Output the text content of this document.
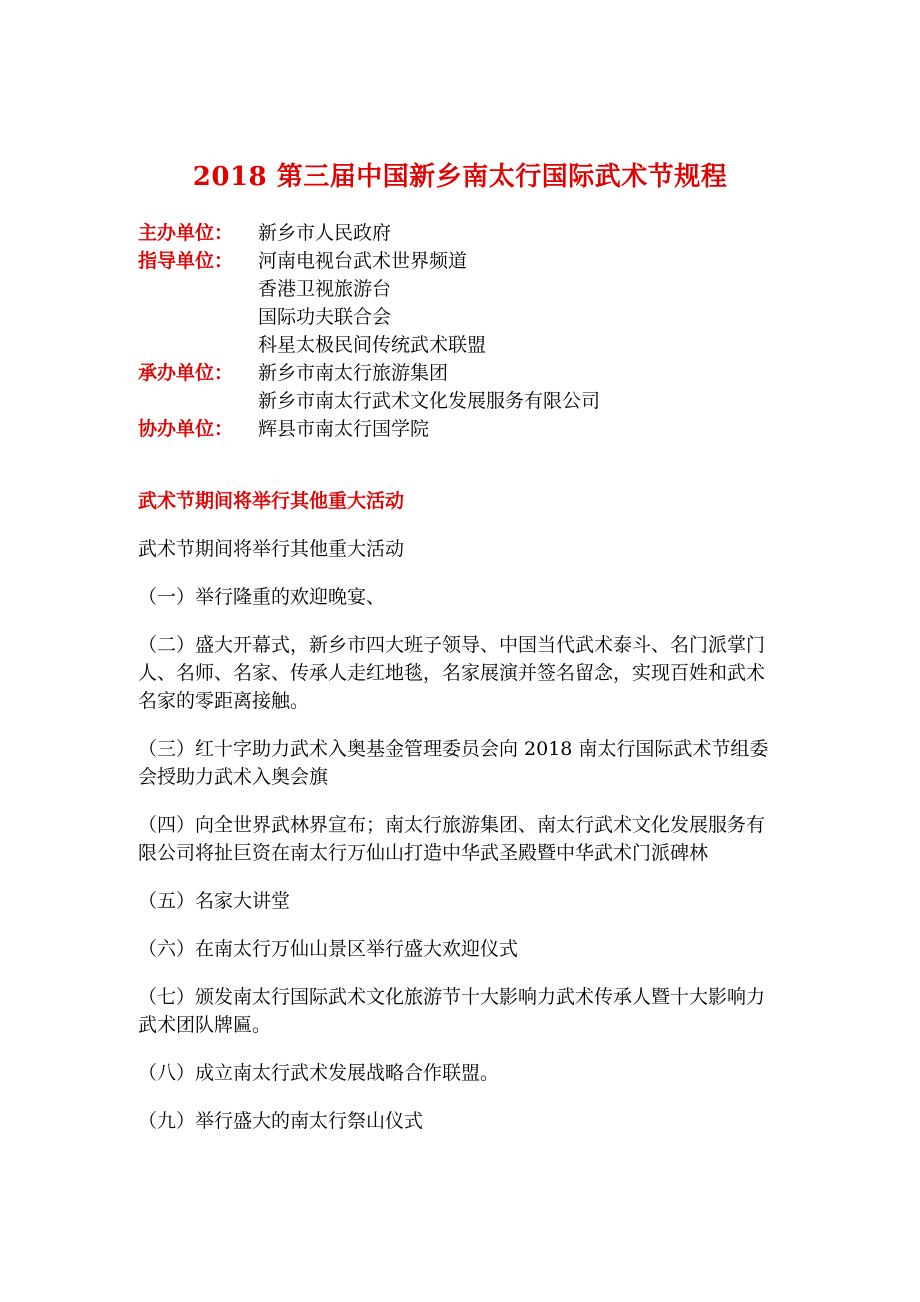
2018 第三届中国新乡南太行国际武术节规程
主办单位：	新乡市人民政府
指导单位：	河南电视台武术世界频道
香港卫视旅游台
国际功夫联合会
科星太极民间传统武术联盟
承办单位：	新乡市南太行旅游集团
新乡市南太行武术文化发展服务有限公司
协办单位：	辉县市南太行国学院
武术节期间将举行其他重大活动

武术节期间将举行其他重大活动

（一）举行隆重的欢迎晚宴、

（二）盛大开幕式，新乡市四大班子领导、中国当代武术泰斗、名门派掌门人、名师、名家、传承人走红地毯，名家展演并签名留念，实现百姓和武术名家的零距离接触。

（三）红十字助力武术入奥基金管理委员会向 2018 南太行国际武术节组委会授助力武术入奥会旗

（四）向全世界武林界宣布；南太行旅游集团、南太行武术文化发展服务有限公司将扯巨资在南太行万仙山打造中华武圣殿暨中华武术门派碑林

（五）名家大讲堂

（六）在南太行万仙山景区举行盛大欢迎仪式

（七）颁发南太行国际武术文化旅游节十大影响力武术传承人暨十大影响力武术团队牌匾。

（八）成立南太行武术发展战略合作联盟。

（九）举行盛大的南太行祭山仪式
